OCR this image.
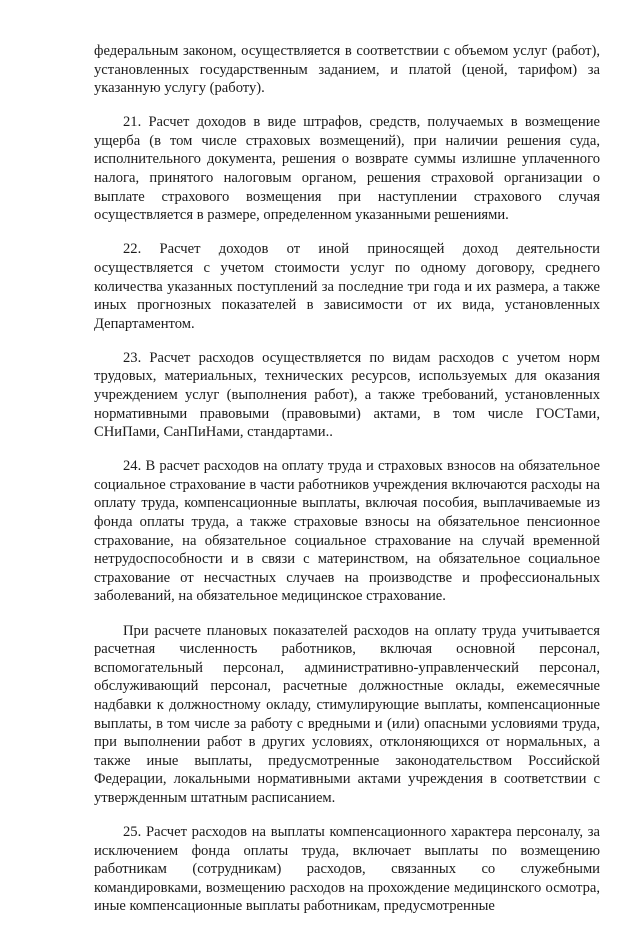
федеральным законом, осуществляется в соответствии с объемом услуг (работ), установленных государственным заданием, и платой (ценой, тарифом) за указанную услугу (работу).

21. Расчет доходов в виде штрафов, средств, получаемых в возмещение ущерба (в том числе страховых возмещений), при наличии решения суда, исполнительного документа, решения о возврате суммы излишне уплаченного налога, принятого налоговым органом, решения страховой организации о выплате страхового возмещения при наступлении страхового случая осуществляется в размере, определенном указанными решениями.

22. Расчет доходов от иной приносящей доход деятельности осуществляется с учетом стоимости услуг по одному договору, среднего количества указанных поступлений за последние три года и их размера, а также иных прогнозных показателей в зависимости от их вида, установленных Департаментом.

23. Расчет расходов осуществляется по видам расходов с учетом норм трудовых, материальных, технических ресурсов, используемых для оказания учреждением услуг (выполнения работ), а также требований, установленных нормативными правовыми (правовыми) актами, в том числе ГОСТами, СНиПами, СанПиНами, стандартами..

24. В расчет расходов на оплату труда и страховых взносов на обязательное социальное страхование в части работников учреждения включаются расходы на оплату труда, компенсационные выплаты, включая пособия, выплачиваемые из фонда оплаты труда, а также страховые взносы на обязательное пенсионное страхование, на обязательное социальное страхование на случай временной нетрудоспособности и в связи с материнством, на обязательное социальное страхование от несчастных случаев на производстве и профессиональных заболеваний, на обязательное медицинское страхование.

При расчете плановых показателей расходов на оплату труда учитывается расчетная численность работников, включая основной персонал, вспомогательный персонал, административно-управленческий персонал, обслуживающий персонал, расчетные должностные оклады, ежемесячные надбавки к должностному окладу, стимулирующие выплаты, компенсационные выплаты, в том числе за работу с вредными и (или) опасными условиями труда, при выполнении работ в других условиях, отклоняющихся от нормальных, а также иные выплаты, предусмотренные законодательством Российской Федерации, локальными нормативными актами учреждения в соответствии с утвержденным штатным расписанием.

25. Расчет расходов на выплаты компенсационного характера персоналу, за исключением фонда оплаты труда, включает выплаты по возмещению работникам (сотрудникам) расходов, связанных со служебными командировками, возмещению расходов на прохождение медицинского осмотра, иные компенсационные выплаты работникам, предусмотренные
